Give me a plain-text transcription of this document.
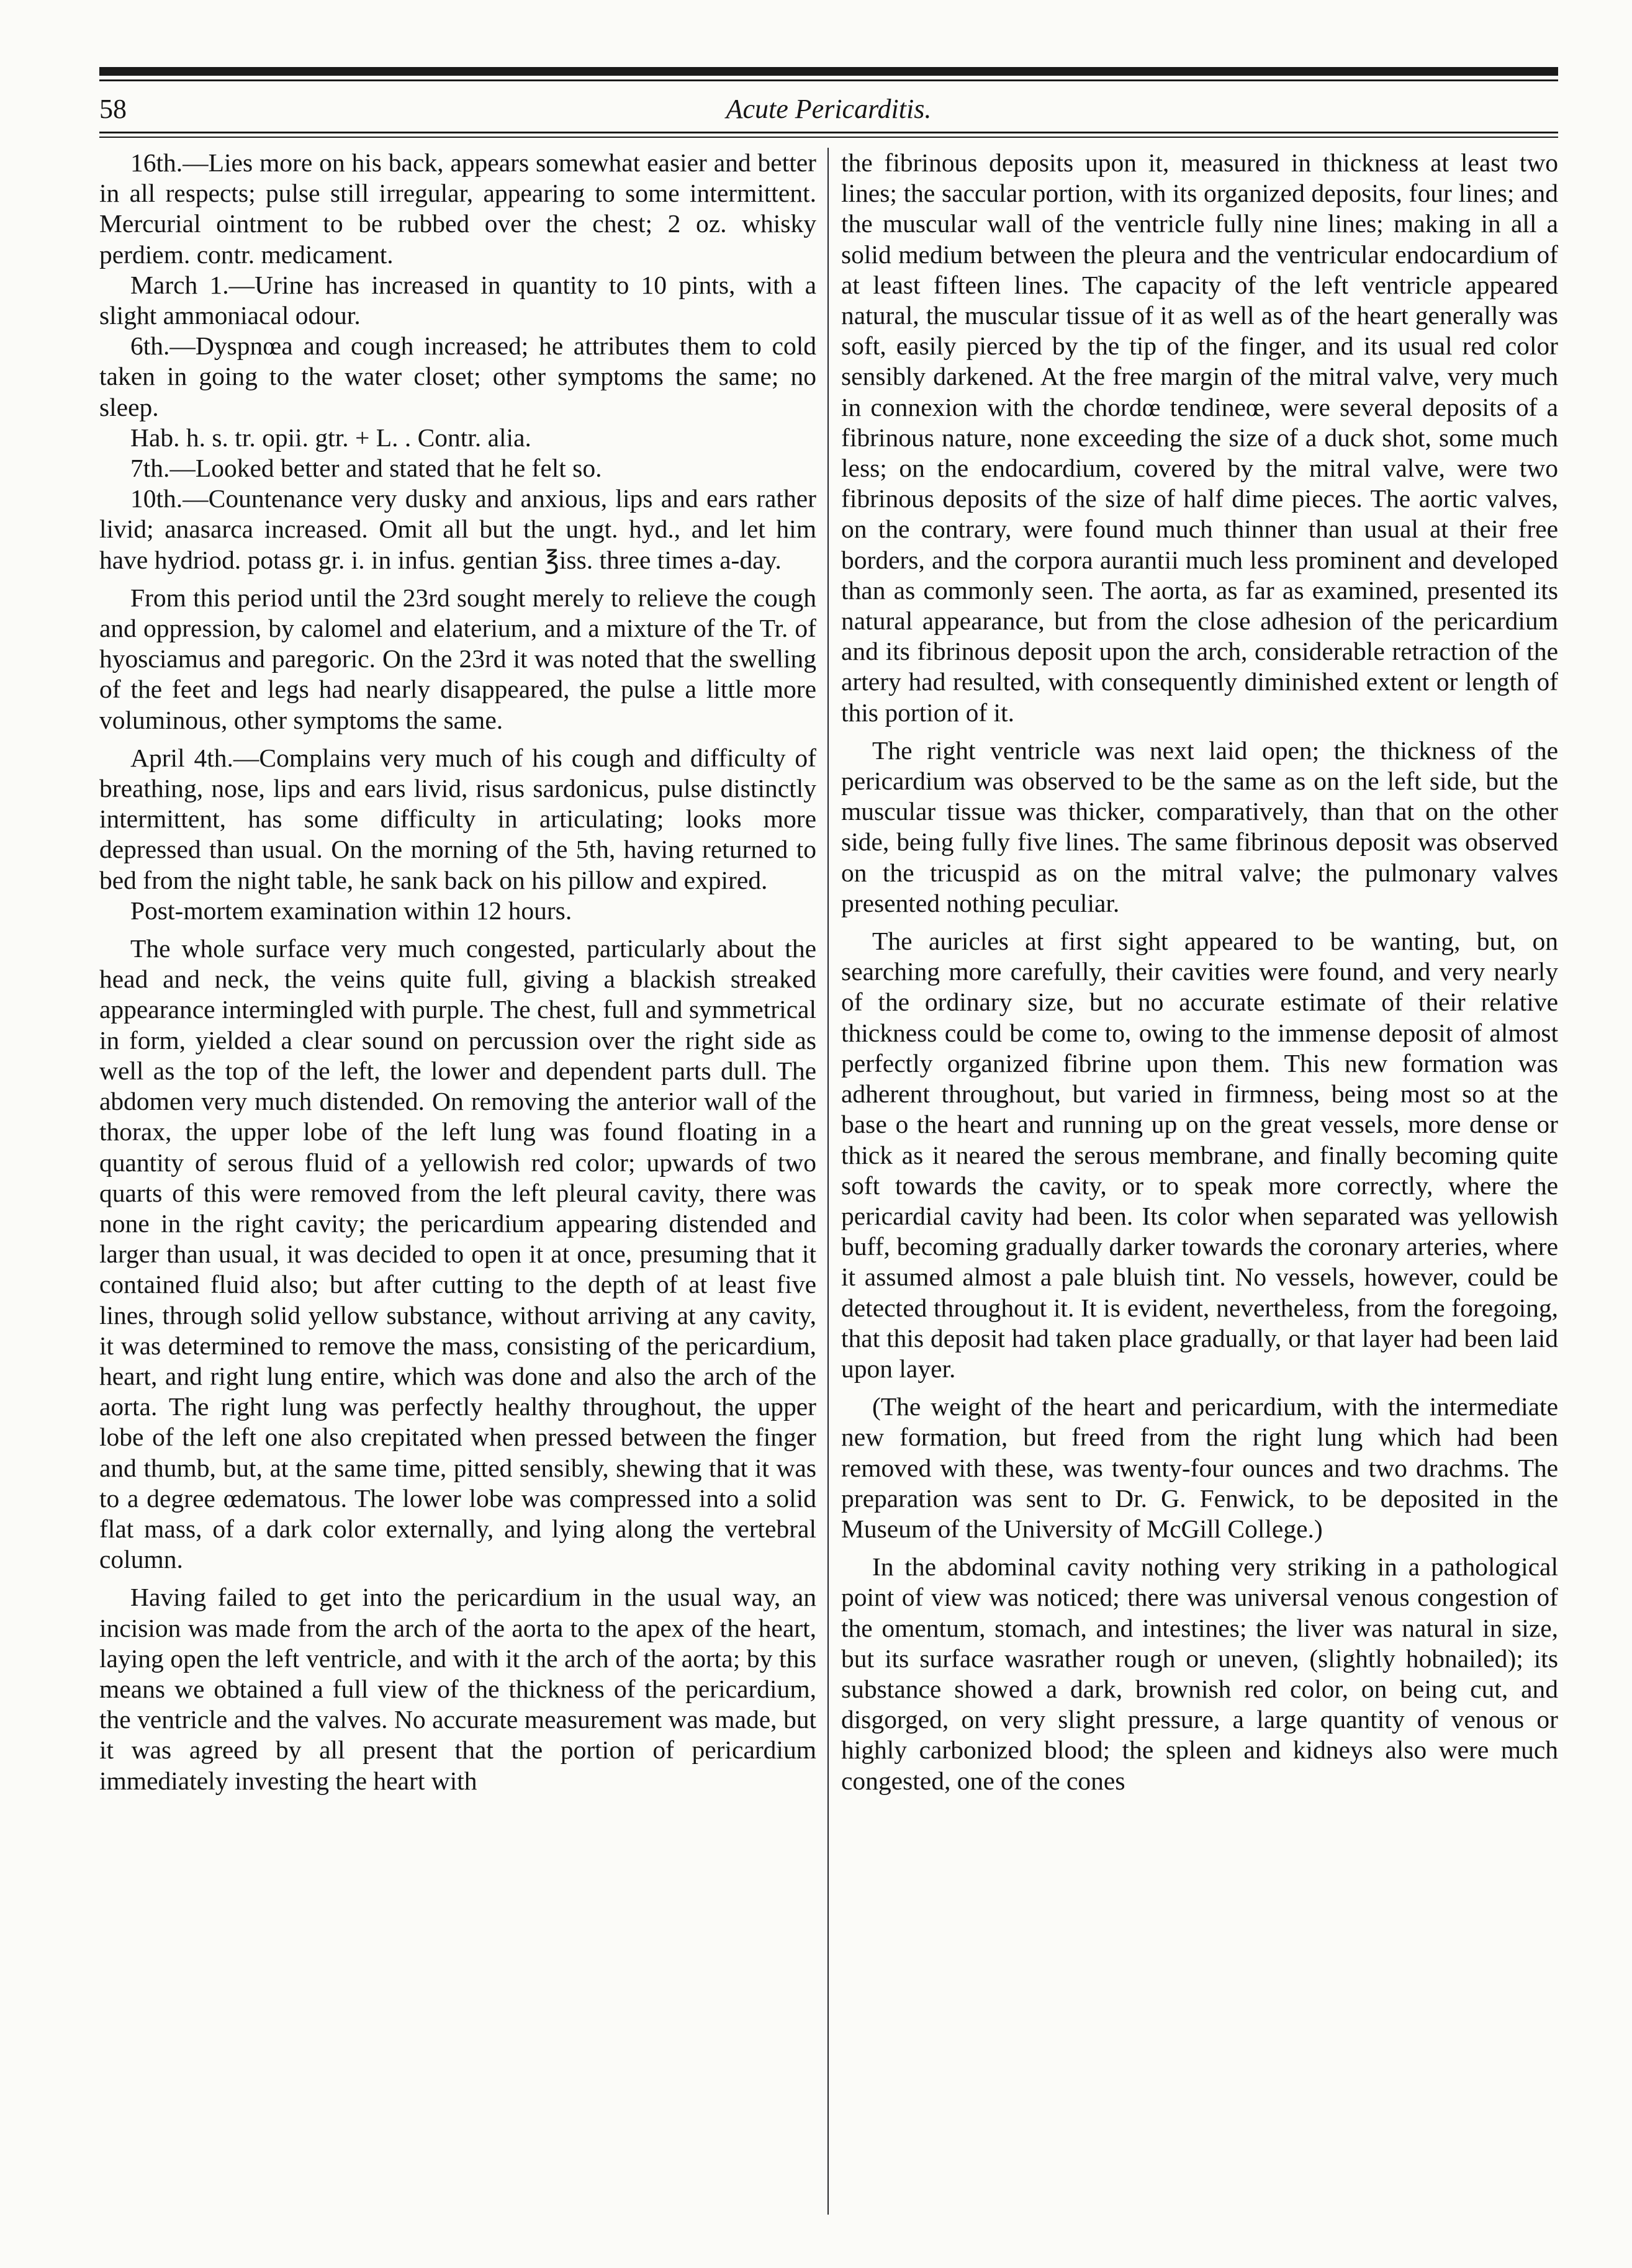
58	Acute Pericarditis.

16th.—Lies more on his back, appears somewhat easier and better in all respects; pulse still irregular, appearing to some intermittent. Mercurial ointment to be rubbed over the chest; 2 oz. whisky perdiem. contr. medicament.

March 1.—Urine has increased in quantity to 10 pints, with a slight ammoniacal odour.

6th.—Dyspnœa and cough increased; he attributes them to cold taken in going to the water closet; other symptoms the same; no sleep.

Hab. h. s. tr. opii. gtr. + L. . Contr. alia.

7th.—Looked better and stated that he felt so.

10th.—Countenance very dusky and anxious, lips and ears rather livid; anasarca increased. Omit all but the ungt. hyd., and let him have hydriod. potass gr. i. in infus. gentian ℥iss. three times a-day.

From this period until the 23rd sought merely to relieve the cough and oppression, by calomel and elaterium, and a mixture of the Tr. of hyosciamus and paregoric. On the 23rd it was noted that the swelling of the feet and legs had nearly disappeared, the pulse a little more voluminous, other symptoms the same.

April 4th.—Complains very much of his cough and difficulty of breathing, nose, lips and ears livid, risus sardonicus, pulse distinctly intermittent, has some difficulty in articulating; looks more depressed than usual. On the morning of the 5th, having returned to bed from the night table, he sank back on his pillow and expired.

Post-mortem examination within 12 hours.

The whole surface very much congested, particularly about the head and neck, the veins quite full, giving a blackish streaked appearance intermingled with purple. The chest, full and symmetrical in form, yielded a clear sound on percussion over the right side as well as the top of the left, the lower and dependent parts dull. The abdomen very much distended. On removing the anterior wall of the thorax, the upper lobe of the left lung was found floating in a quantity of serous fluid of a yellowish red color; upwards of two quarts of this were removed from the left pleural cavity, there was none in the right cavity; the pericardium appearing distended and larger than usual, it was decided to open it at once, presuming that it contained fluid also; but after cutting to the depth of at least five lines, through solid yellow substance, without arriving at any cavity, it was determined to remove the mass, consisting of the pericardium, heart, and right lung entire, which was done and also the arch of the aorta. The right lung was perfectly healthy throughout, the upper lobe of the left one also crepitated when pressed between the finger and thumb, but, at the same time, pitted sensibly, shewing that it was to a degree œdematous. The lower lobe was compressed into a solid flat mass, of a dark color externally, and lying along the vertebral column.

Having failed to get into the pericardium in the usual way, an incision was made from the arch of the aorta to the apex of the heart, laying open the left ventricle, and with it the arch of the aorta; by this means we obtained a full view of the thickness of the pericardium, the ventricle and the valves. No accurate measurement was made, but it was agreed by all present that the portion of pericardium immediately investing the heart with

the fibrinous deposits upon it, measured in thickness at least two lines; the saccular portion, with its organized deposits, four lines; and the muscular wall of the ventricle fully nine lines; making in all a solid medium between the pleura and the ventricular endocardium of at least fifteen lines. The capacity of the left ventricle appeared natural, the muscular tissue of it as well as of the heart generally was soft, easily pierced by the tip of the finger, and its usual red color sensibly darkened. At the free margin of the mitral valve, very much in connexion with the chordœ tendineœ, were several deposits of a fibrinous nature, none exceeding the size of a duck shot, some much less; on the endocardium, covered by the mitral valve, were two fibrinous deposits of the size of half dime pieces. The aortic valves, on the contrary, were found much thinner than usual at their free borders, and the corpora aurantii much less prominent and developed than as commonly seen. The aorta, as far as examined, presented its natural appearance, but from the close adhesion of the pericardium and its fibrinous deposit upon the arch, considerable retraction of the artery had resulted, with consequently diminished extent or length of this portion of it.

The right ventricle was next laid open; the thickness of the pericardium was observed to be the same as on the left side, but the muscular tissue was thicker, comparatively, than that on the other side, being fully five lines. The same fibrinous deposit was observed on the tricuspid as on the mitral valve; the pulmonary valves presented nothing peculiar.

The auricles at first sight appeared to be wanting, but, on searching more carefully, their cavities were found, and very nearly of the ordinary size, but no accurate estimate of their relative thickness could be come to, owing to the immense deposit of almost perfectly organized fibrine upon them. This new formation was adherent throughout, but varied in firmness, being most so at the base o the heart and running up on the great vessels, more dense or thick as it neared the serous membrane, and finally becoming quite soft towards the cavity, or to speak more correctly, where the pericardial cavity had been. Its color when separated was yellowish buff, becoming gradually darker towards the coronary arteries, where it assumed almost a pale bluish tint. No vessels, however, could be detected throughout it. It is evident, nevertheless, from the foregoing, that this deposit had taken place gradually, or that layer had been laid upon layer.

(The weight of the heart and pericardium, with the intermediate new formation, but freed from the right lung which had been removed with these, was twenty-four ounces and two drachms. The preparation was sent to Dr. G. Fenwick, to be deposited in the Museum of the University of McGill College.)

In the abdominal cavity nothing very striking in a pathological point of view was noticed; there was universal venous congestion of the omentum, stomach, and intestines; the liver was natural in size, but its surface wasrather rough or uneven, (slightly hobnailed); its substance showed a dark, brownish red color, on being cut, and disgorged, on very slight pressure, a large quantity of venous or highly carbonized blood; the spleen and kidneys also were much congested, one of the cones
